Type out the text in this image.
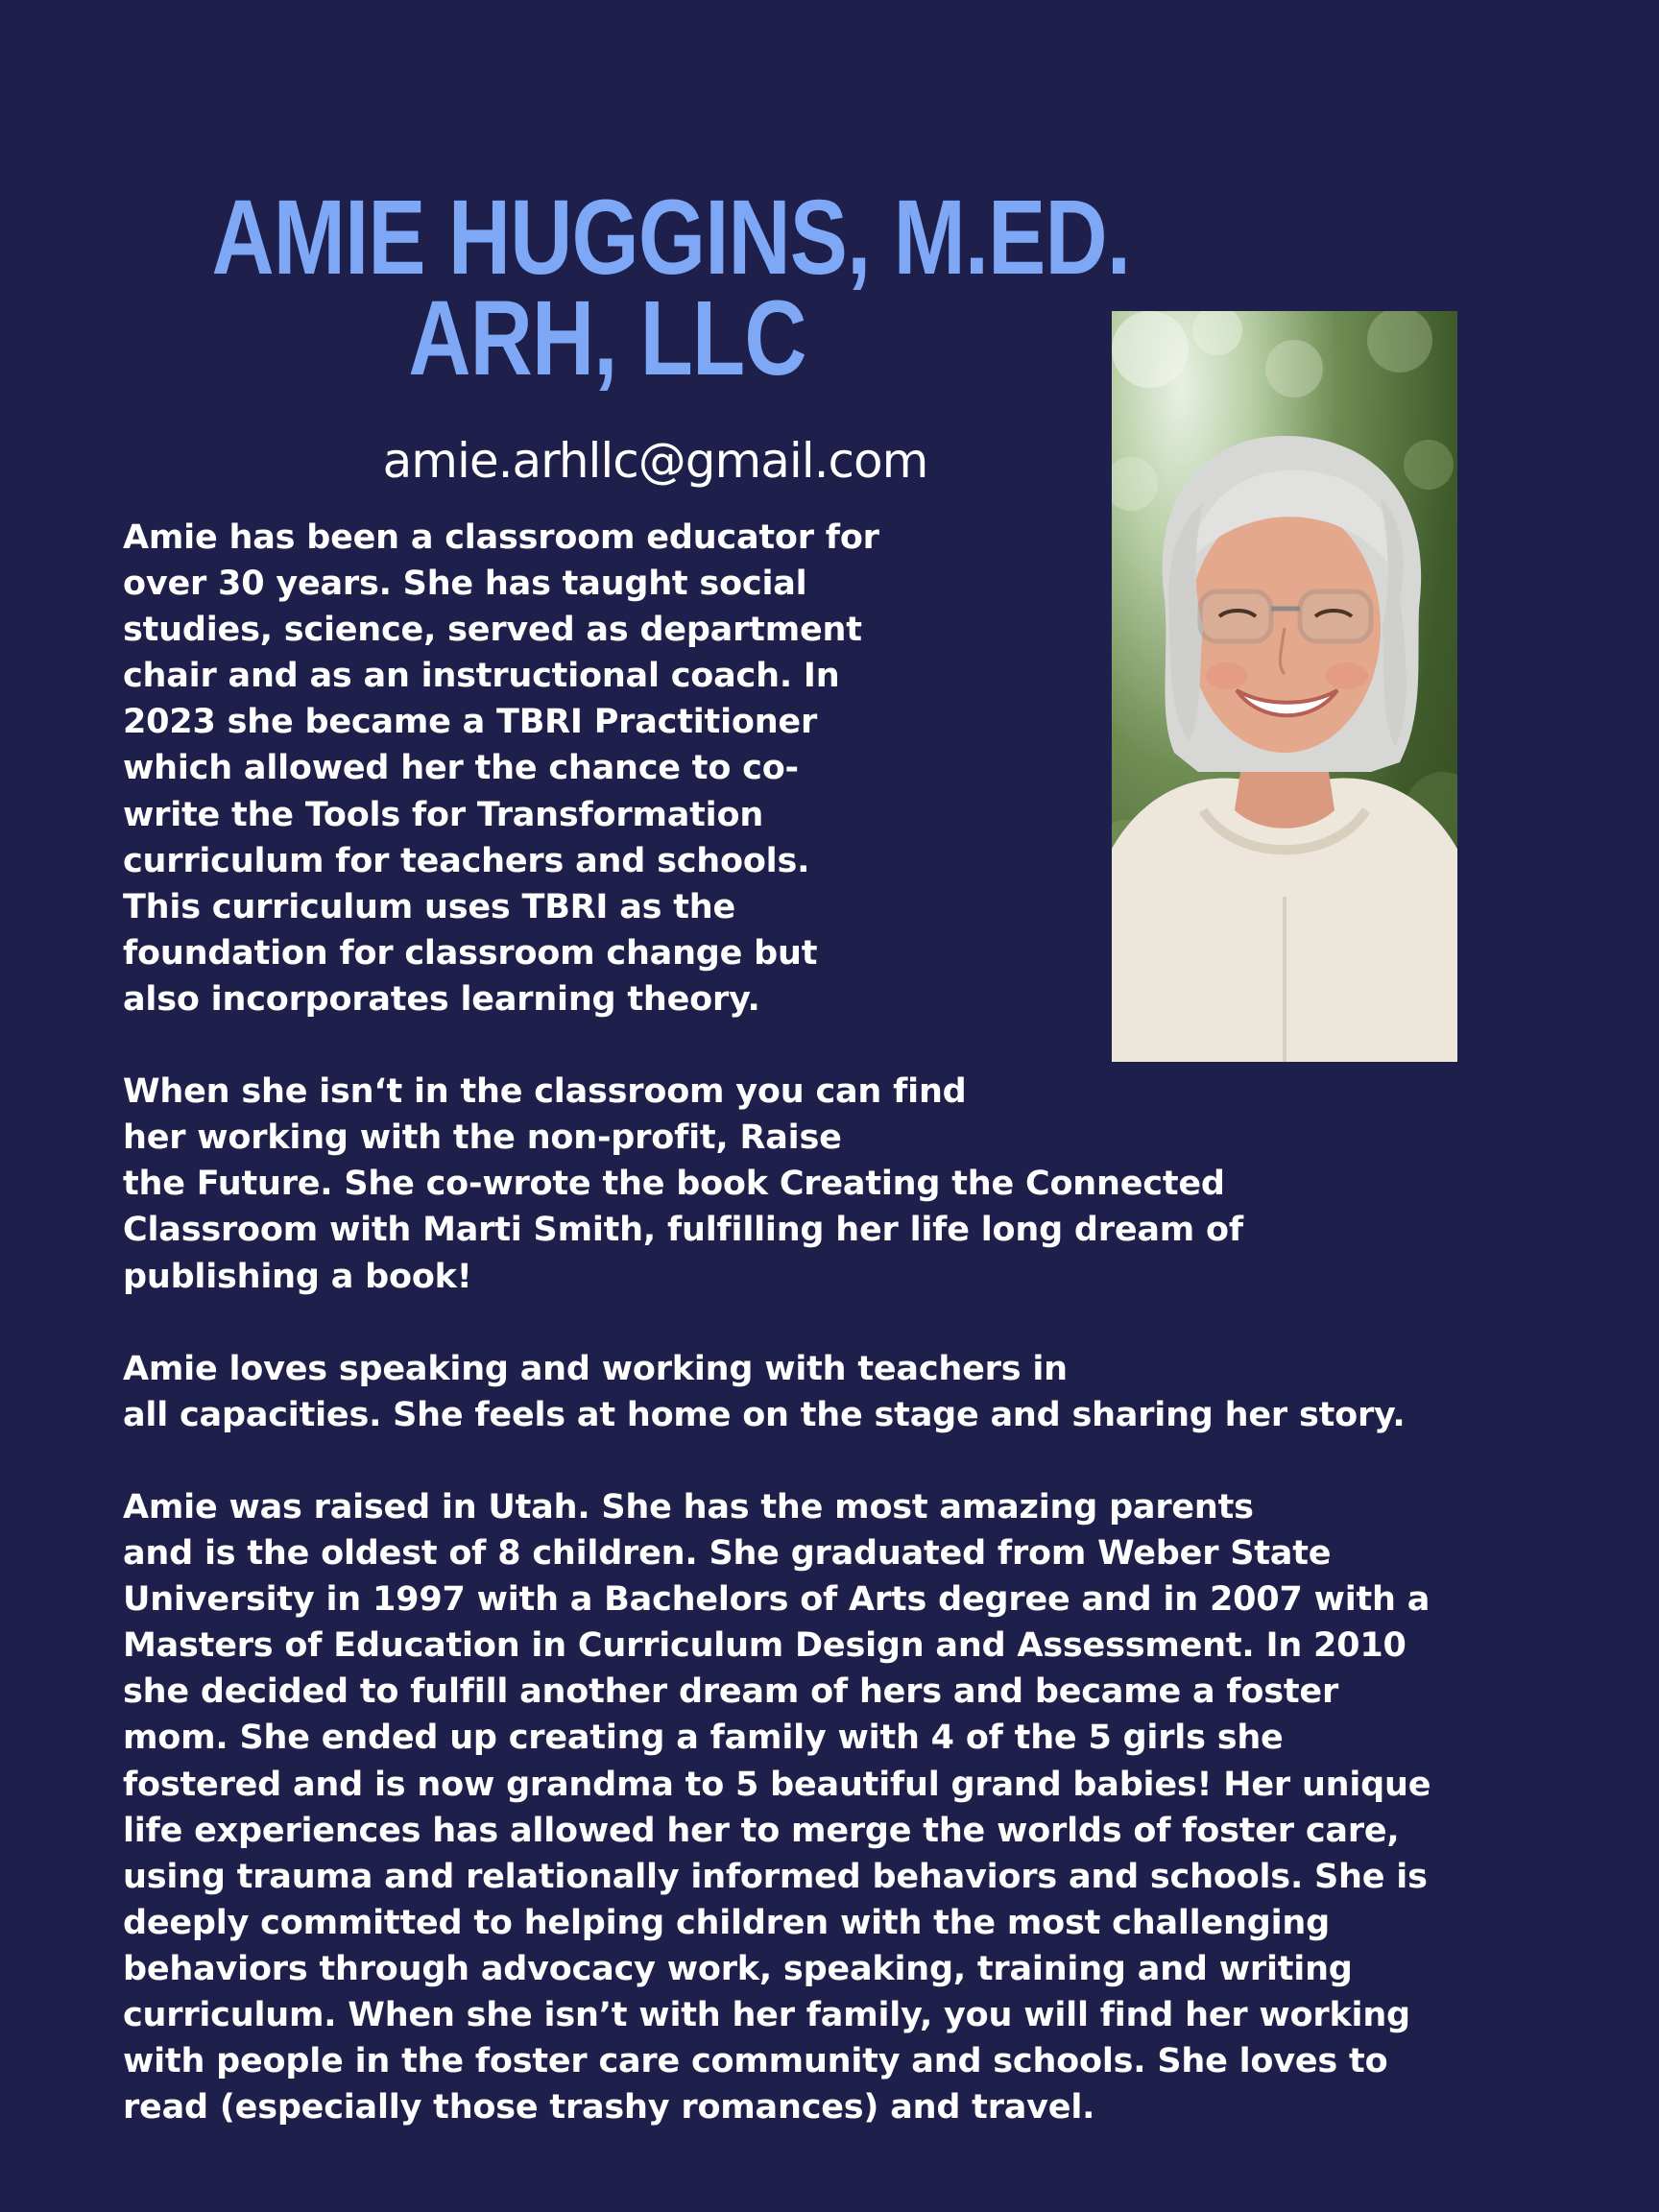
AMIE HUGGINS, M.ED.
ARH, LLC
amie.arhllc@gmail.com

Amie has been a classroom educator for
over 30 years. She has taught social
studies, science, served as department
chair and as an instructional coach. In
2023 she became a TBRI Practitioner
which allowed her the chance to co-
write the Tools for Transformation
curriculum for teachers and schools.
This curriculum uses TBRI as the
foundation for classroom change but
also incorporates learning theory.

When she isn‘t in the classroom you can find
her working with the non-profit, Raise
the Future. She co-wrote the book Creating the Connected
Classroom with Marti Smith, fulfilling her life long dream of
publishing a book!

Amie loves speaking and working with teachers in
all capacities. She feels at home on the stage and sharing her story.

Amie was raised in Utah. She has the most amazing parents
and is the oldest of 8 children. She graduated from Weber State
University in 1997 with a Bachelors of Arts degree and in 2007 with a
Masters of Education in Curriculum Design and Assessment. In 2010
she decided to fulfill another dream of hers and became a foster
mom. She ended up creating a family with 4 of the 5 girls she
fostered and is now grandma to 5 beautiful grand babies! Her unique
life experiences has allowed her to merge the worlds of foster care,
using trauma and relationally informed behaviors and schools. She is
deeply committed to helping children with the most challenging
behaviors through advocacy work, speaking, training and writing
curriculum. When she isn’t with her family, you will find her working
with people in the foster care community and schools. She loves to
read (especially those trashy romances) and travel.
